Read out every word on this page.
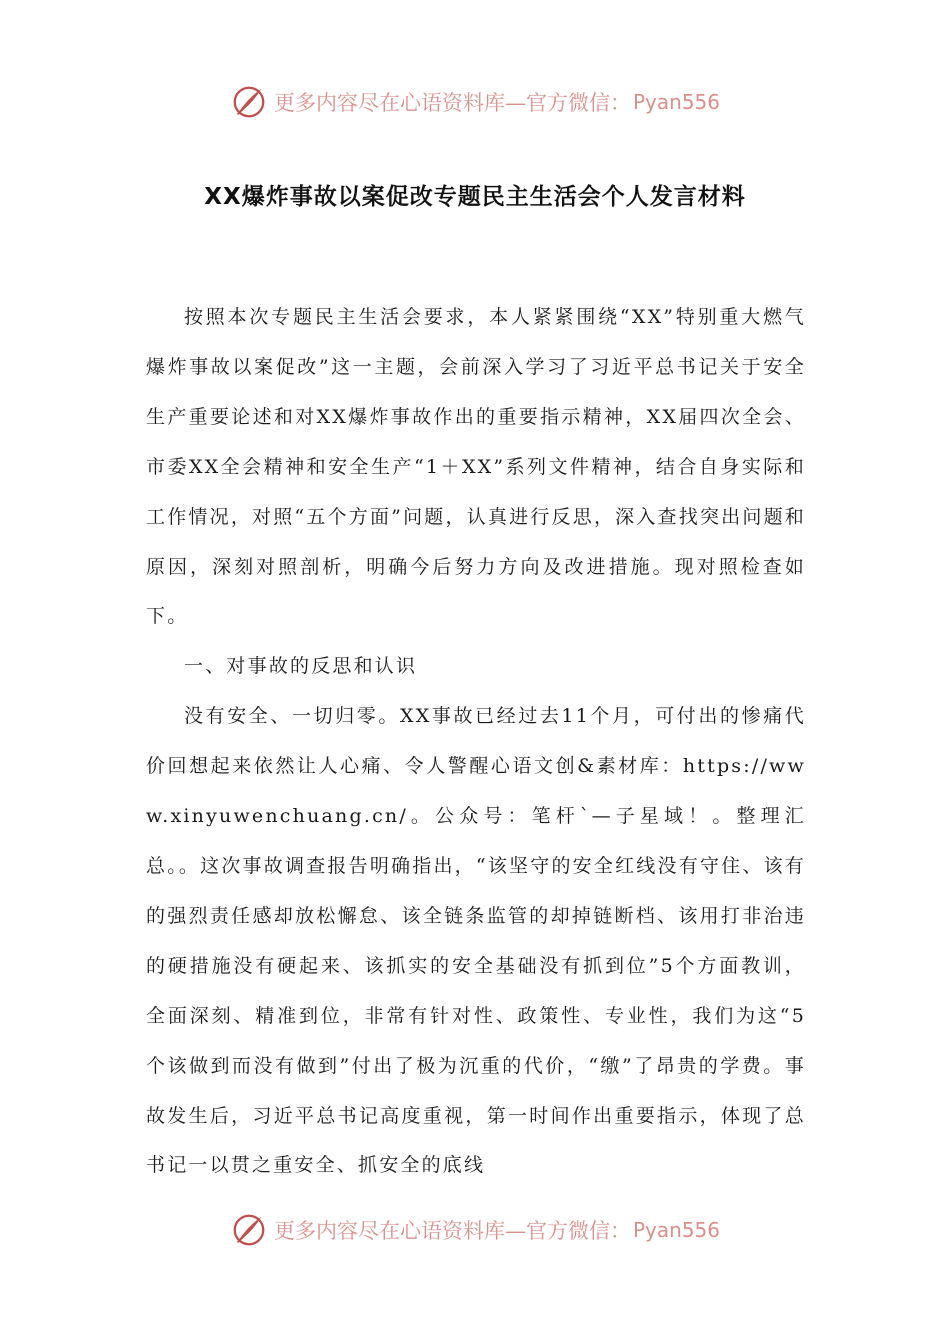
更多内容尽在心语资料库—官方微信： Pyan556
XX爆炸事故以案促改专题民主生活会个人发言材料

按照本次专题民主生活会要求，本人紧紧围绕“XX”特别重大燃气爆炸事故以案促改”这一主题，会前深入学习了习近平总书记关于安全生产重要论述和对XX爆炸事故作出的重要指示精神，XX届四次全会、市委XX全会精神和安全生产“1＋XX”系列文件精神，结合自身实际和工作情况，对照“五个方面”问题，认真进行反思，深入查找突出问题和原因，深刻对照剖析，明确今后努力方向及改进措施。现对照检查如下。

一、对事故的反思和认识

没有安全、一切归零。XX事故已经过去11个月，可付出的惨痛代价回想起来依然让人心痛、令人警醒心语文创&素材库：https://www.xinyuwenchuang.cn/。公众号：笔杆`—子星域！。整理汇总。。这次事故调查报告明确指出，“该坚守的安全红线没有守住、该有的强烈责任感却放松懈怠、该全链条监管的却掉链断档、该用打非治违的硬措施没有硬起来、该抓实的安全基础没有抓到位”5个方面教训，全面深刻、精准到位，非常有针对性、政策性、专业性，我们为这“5个该做到而没有做到”付出了极为沉重的代价，“缴”了昂贵的学费。事故发生后，习近平总书记高度重视，第一时间作出重要指示，体现了总书记一以贯之重安全、抓安全的底线

更多内容尽在心语资料库—官方微信： Pyan556
